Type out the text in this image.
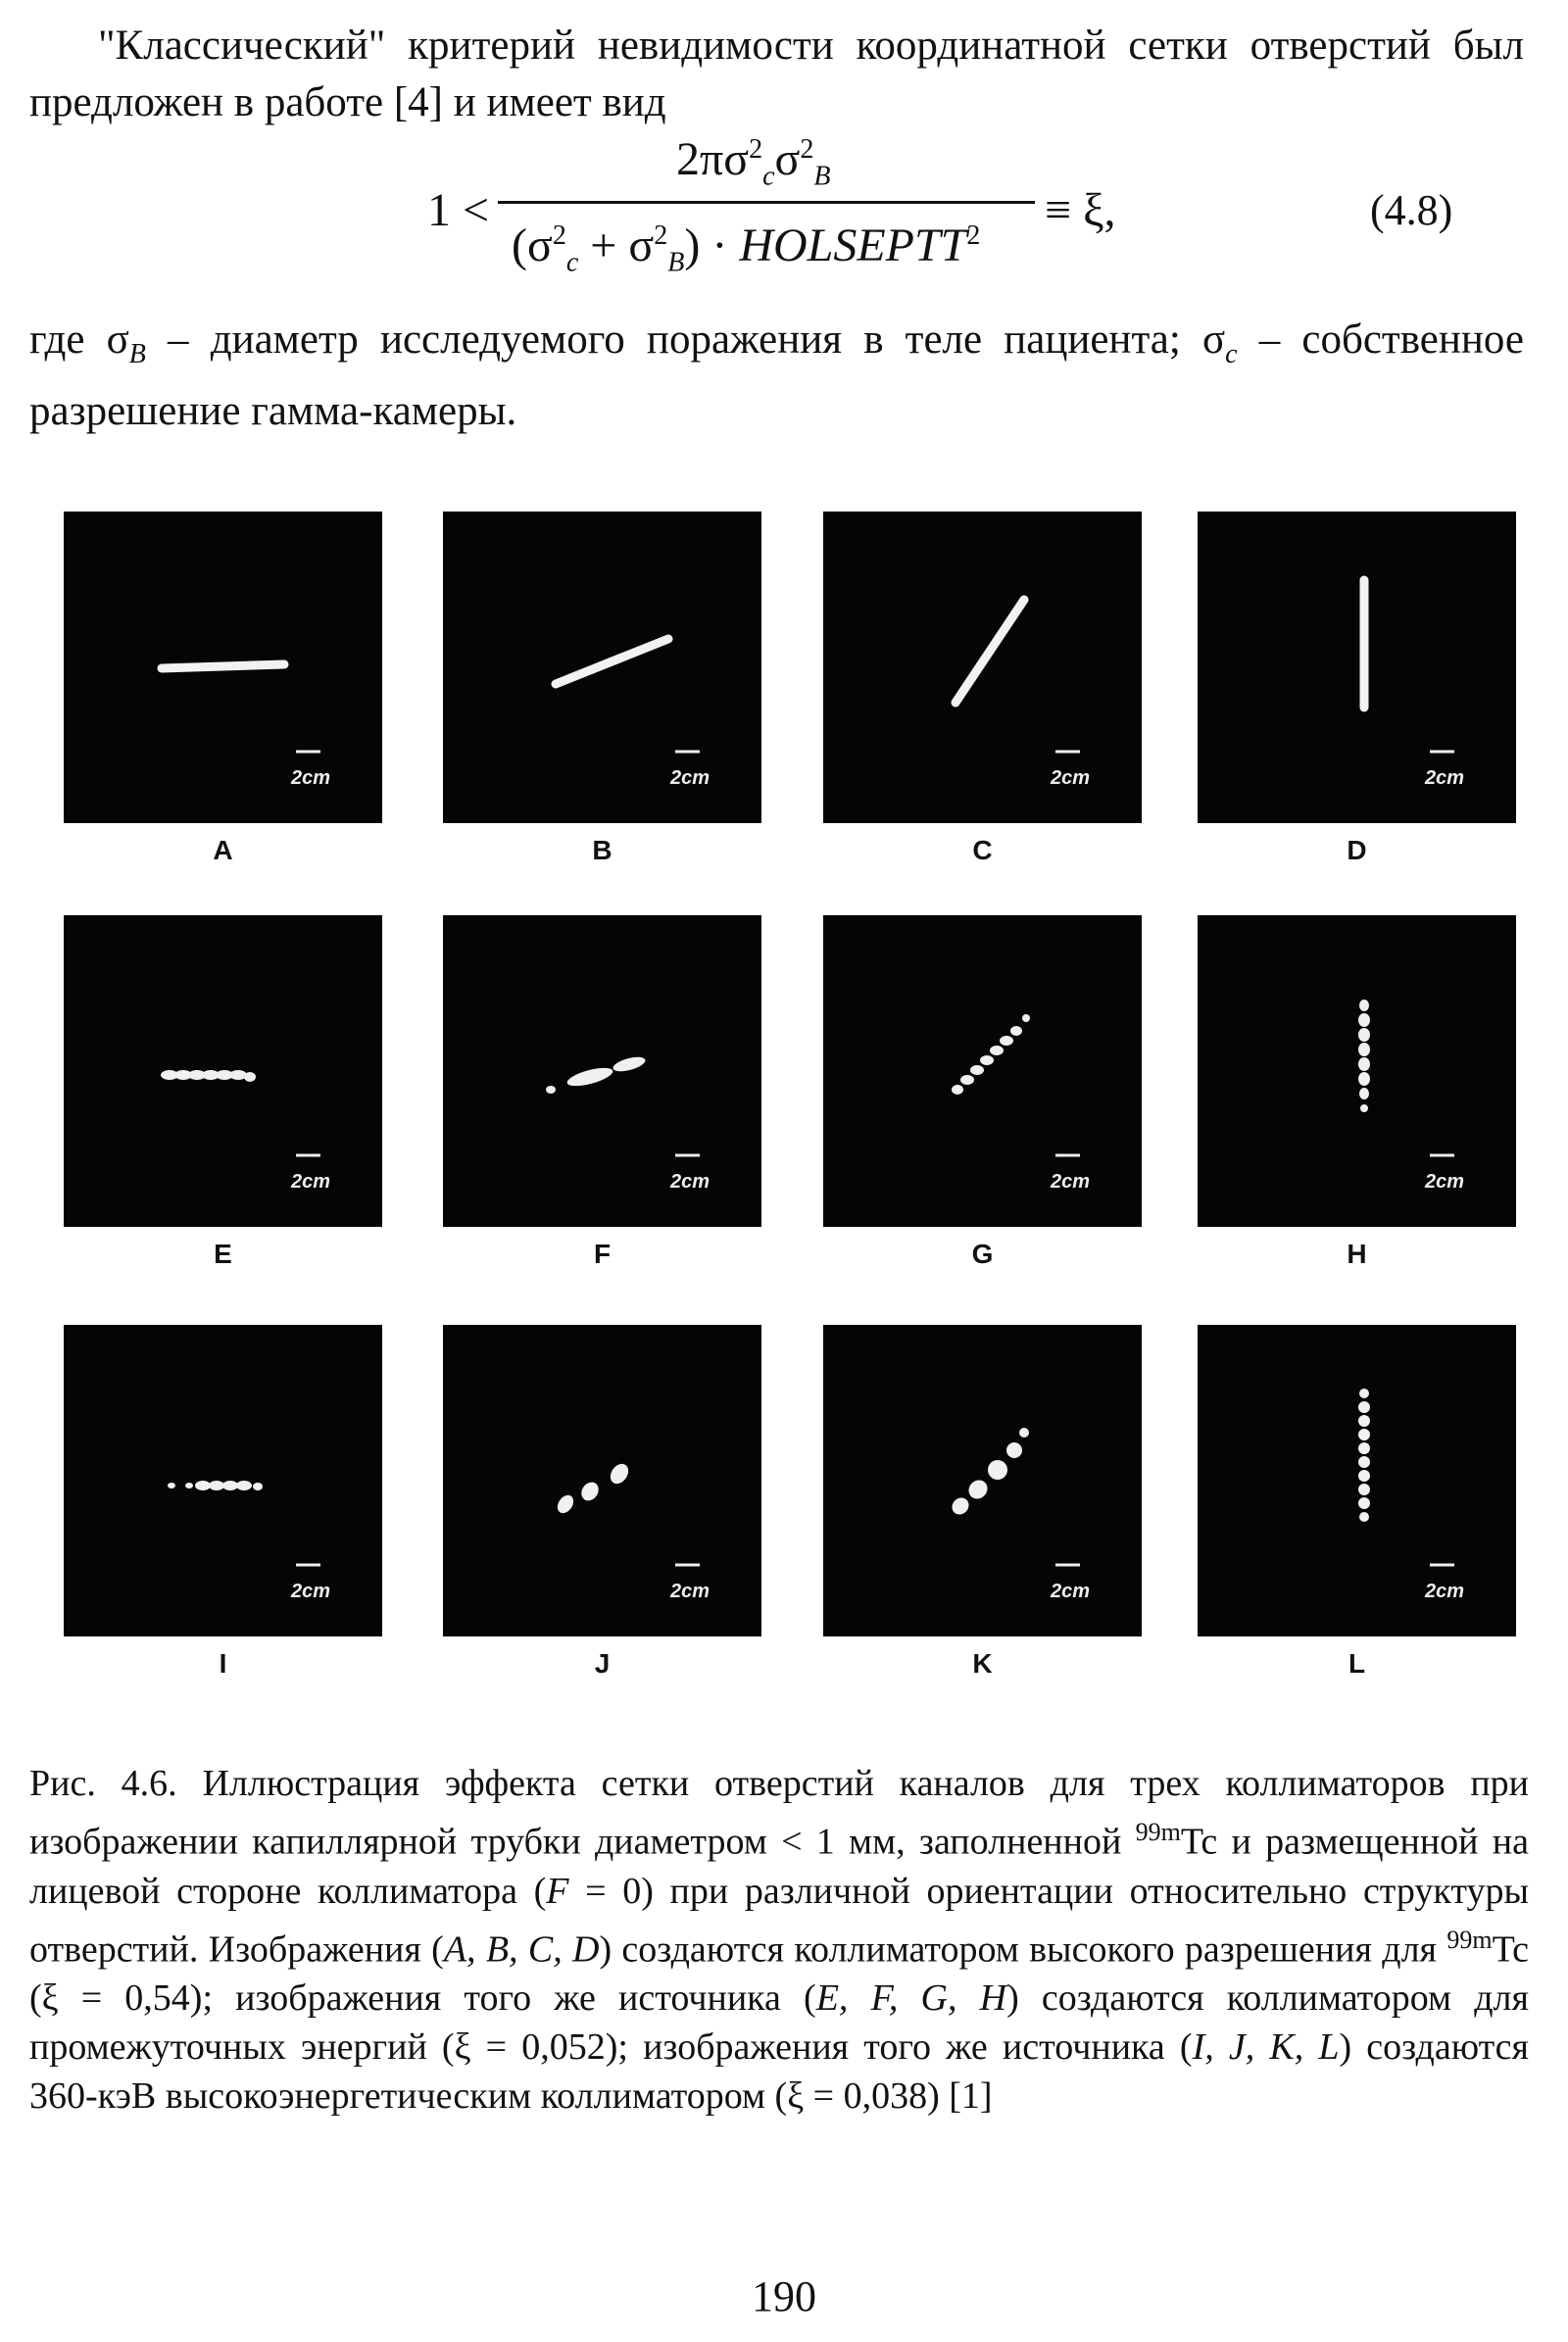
"Классический" критерий невидимости координатной сетки отверстий был предложен в работе [4] и имеет вид
1 <
$2\pi\sigma^2_c\sigma^2_B$
$(\sigma^2_c + \sigma^2_B)$ · $HOLSEPTT^2 \equiv \xi$,	(4.8)
где $\sigma_B$ – диаметр исследуемого поражения в теле пациента; $\sigma_c$ – собственное разрешение гамма-камеры.
2cm
A
2cm
B
2cm
C
2cm
D
2cm
E
2cm
F
2cm
G
2cm
H
2cm
I
2cm
J
2cm
K
2cm
L
Рис. 4.6. Иллюстрация эффекта сетки отверстий каналов для трех коллиматоров при изображении капиллярной трубки диаметром < 1 мм, заполненной $^{99m}$Tc и размещенной на лицевой стороне коллиматора (F = 0) при различной ориентации относительно структуры отверстий. Изображения (A, B, C, D) создаются коллиматором высокого разрешения для $^{99m}$Tc (ξ = 0,54); изображения того же источника (E, F, G, H) создаются коллиматором для промежуточных энергий (ξ = 0,052); изображения того же источника (I, J, K, L) создаются 360-кэВ высокоэнергетическим коллиматором (ξ = 0,038) [1]
190
